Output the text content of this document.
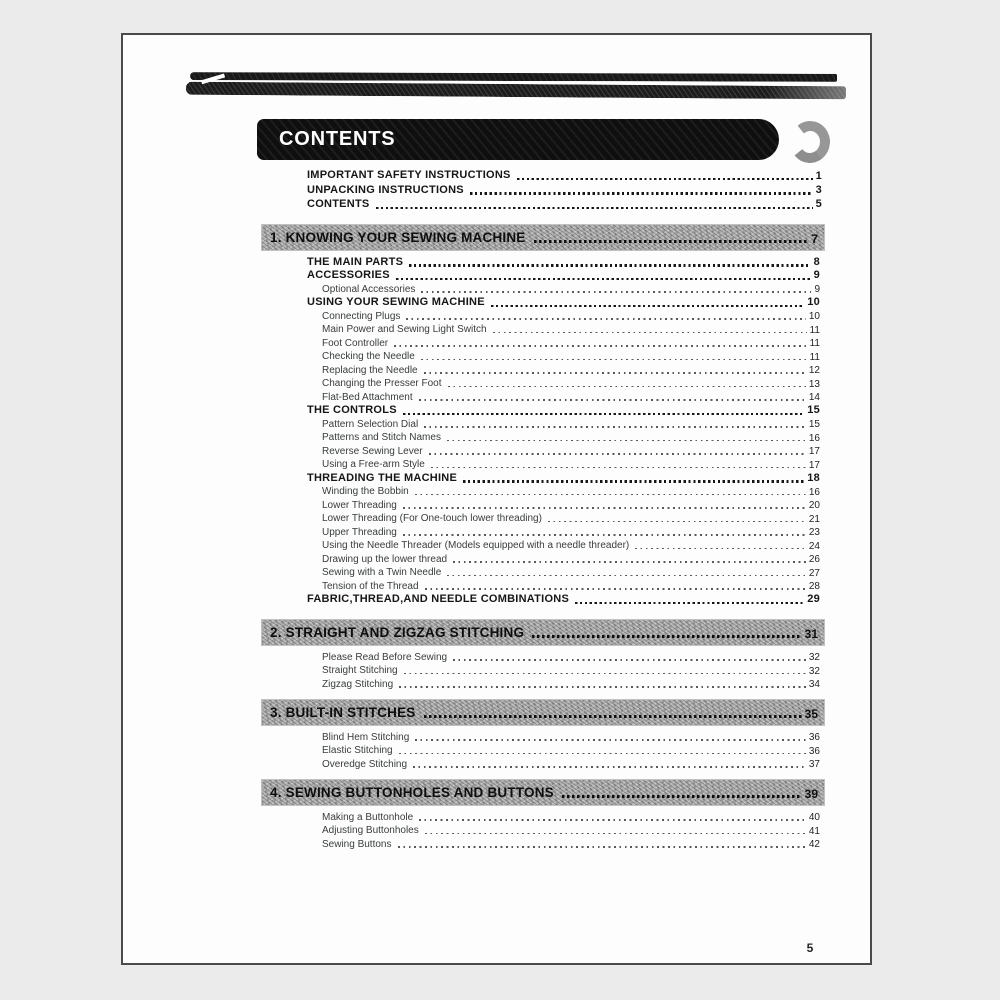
CONTENTS
IMPORTANT SAFETY INSTRUCTIONS	1
UNPACKING INSTRUCTIONS	3
CONTENTS	5
1. KNOWING YOUR SEWING MACHINE	7
THE MAIN PARTS	8
ACCESSORIES	9
Optional Accessories	9
USING YOUR SEWING MACHINE	10
Connecting Plugs	10
Main Power and Sewing Light Switch	11
Foot Controller	11
Checking the Needle	11
Replacing the Needle	12
Changing the Presser Foot	13
Flat-Bed Attachment	14
THE CONTROLS	15
Pattern Selection Dial	15
Patterns and Stitch Names	16
Reverse Sewing Lever	17
Using a Free-arm Style	17
THREADING THE MACHINE	18
Winding the Bobbin	16
Lower Threading	20
Lower Threading (For One-touch lower threading)	21
Upper Threading	23
Using the Needle Threader (Models equipped with a needle threader)	24
Drawing up the lower thread	26
Sewing with a Twin Needle	27
Tension of the Thread	28
FABRIC,THREAD,AND NEEDLE COMBINATIONS	29
2. STRAIGHT AND ZIGZAG STITCHING	31
Please Read Before Sewing	32
Straight Stitching	32
Zigzag Stitching	34
3. BUILT-IN STITCHES	35
Blind Hem Stitching	36
Elastic Stitching	36
Overedge Stitching	37
4. SEWING BUTTONHOLES AND BUTTONS	39
Making a Buttonhole	40
Adjusting Buttonholes	41
Sewing Buttons	42
5
